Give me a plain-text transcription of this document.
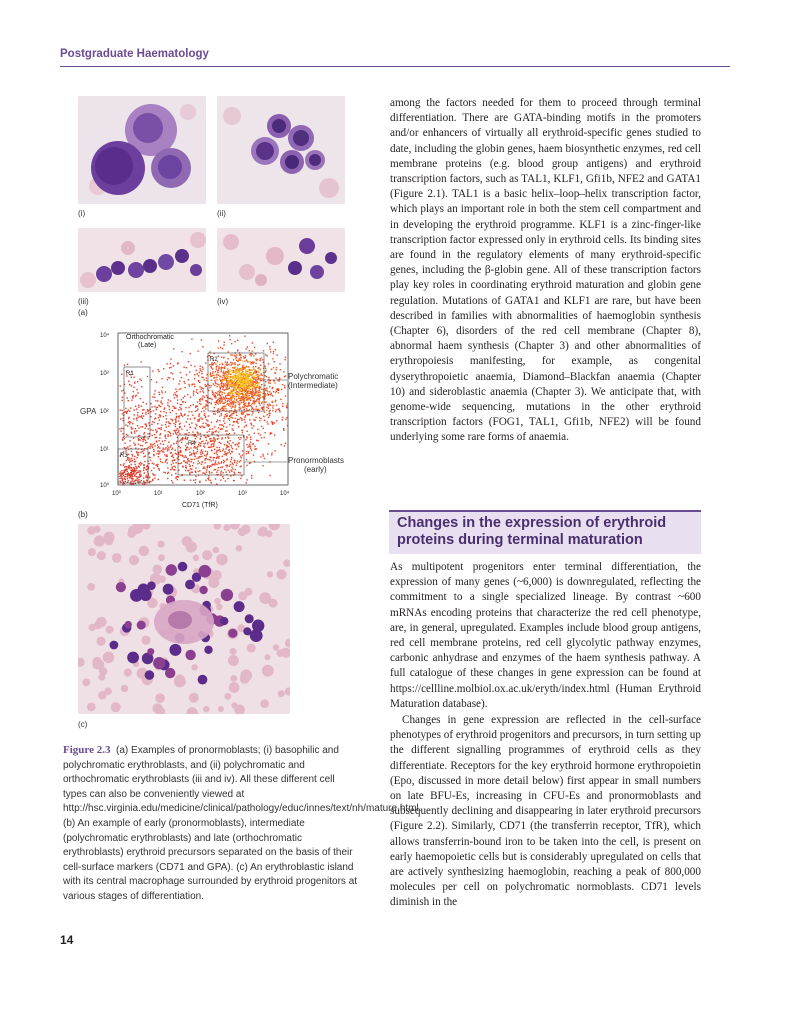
Postgraduate Haematology
(i)	(ii)
(iii)
(a)
(iv)
R1
R2
R3
R4
10⁴
10³
10²
10¹
10⁰
10⁰	10¹	10²	10³	10⁴
CD71 (TfR)
Orthochromatic
(Late)
GPA
Polychromatic
(Intermediate)
Pronormoblasts
(early)
(b)
(c)
Figure 2.3 (a) Examples of pronormoblasts; (i) basophilic and polychromatic erythroblasts, and (ii) polychromatic and orthochromatic erythroblasts (iii and iv). All these different cell types can also be conveniently viewed at http://hsc.virginia.edu/medicine/clinical/pathology/educ/innes/text/nh/mature.html. (b) An example of early (pronormoblasts), intermediate (polychromatic erythroblasts) and late (orthochromatic erythroblasts) erythroid precursors separated on the basis of their cell-surface markers (CD71 and GPA). (c) An erythroblastic island with its central macrophage surrounded by erythroid progenitors at various stages of differentiation.

among the factors needed for them to proceed through terminal differentiation. There are GATA-binding motifs in the promoters and/or enhancers of virtually all erythroid-specific genes studied to date, including the globin genes, haem biosynthetic enzymes, red cell membrane proteins (e.g. blood group antigens) and erythroid transcription factors, such as TAL1, KLF1, Gfi1b, NFE2 and GATA1 (Figure 2.1). TAL1 is a basic helix–loop–helix transcription factor, which plays an important role in both the stem cell compartment and in developing the erythroid programme. KLF1 is a zinc-finger-like transcription factor expressed only in erythroid cells. Its binding sites are found in the regulatory elements of many erythroid-specific genes, including the β-globin gene. All of these transcription factors play key roles in coordinating erythroid maturation and globin gene regulation. Mutations of GATA1 and KLF1 are rare, but have been described in families with abnormalities of haemoglobin synthesis (Chapter 6), disorders of the red cell membrane (Chapter 8), abnormal haem synthesis (Chapter 3) and other abnormalities of erythropoiesis manifesting, for example, as congenital dyserythropoietic anaemia, Diamond–Blackfan anaemia (Chapter 10) and sideroblastic anaemia (Chapter 3). We anticipate that, with genome-wide sequencing, mutations in the other erythroid transcription factors (FOG1, TAL1, Gfi1b, NFE2) will be found underlying some rare forms of anaemia.

Changes in the expression of erythroid proteins during terminal maturation

As multipotent progenitors enter terminal differentiation, the expression of many genes (~6,000) is downregulated, reflecting the commitment to a single specialized lineage. By contrast ~600 mRNAs encoding proteins that characterize the red cell phenotype, are, in general, upregulated. Examples include blood group antigens, red cell membrane proteins, red cell glycolytic pathway enzymes, carbonic anhydrase and enzymes of the haem synthesis pathway. A full catalogue of these changes in gene expression can be found at https://cellline.molbiol.ox.ac.uk/eryth/index.html (Human Erythroid Maturation database).

Changes in gene expression are reflected in the cell-surface phenotypes of erythroid progenitors and precursors, in turn setting up the different signalling programmes of erythroid cells as they differentiate. Receptors for the key erythroid hormone erythropoietin (Epo, discussed in more detail below) first appear in small numbers on late BFU-Es, increasing in CFU-Es and pronormoblasts and subsequently declining and disappearing in later erythroid precursors (Figure 2.2). Similarly, CD71 (the transferrin receptor, TfR), which allows transferrin-bound iron to be taken into the cell, is present on early haemopoietic cells but is considerably upregulated on cells that are actively synthesizing haemoglobin, reaching a peak of 800,000 molecules per cell on polychromatic normoblasts. CD71 levels diminish in the

14
